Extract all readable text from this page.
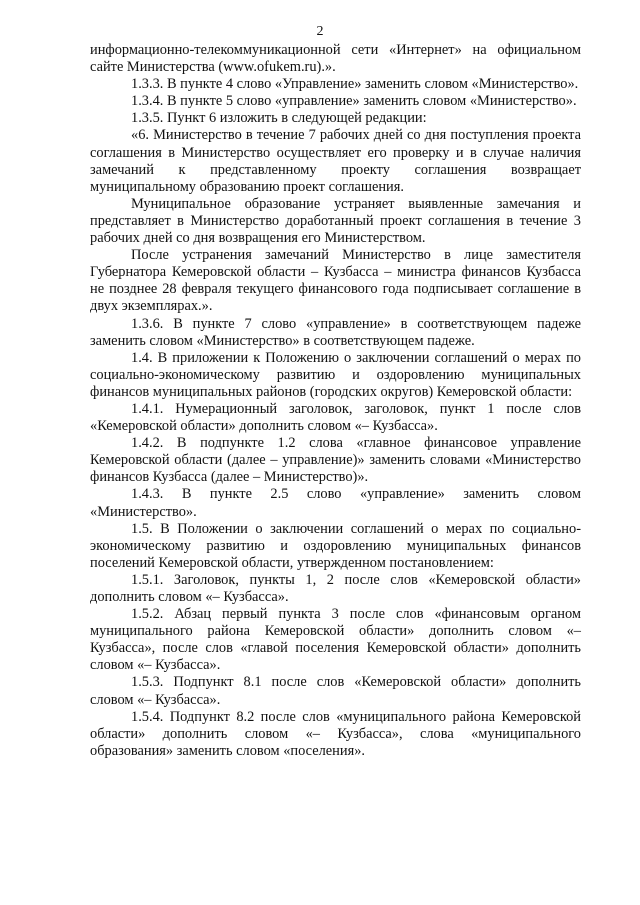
2

информационно-телекоммуникационной сети «Интернет» на официальном сайте Министерства (www.ofukem.ru).».

1.3.3. В пункте 4 слово «Управление» заменить словом «Министерство».

1.3.4. В пункте 5 слово «управление» заменить словом «Министерство».

1.3.5. Пункт 6 изложить в следующей редакции:

«6. Министерство в течение 7 рабочих дней со дня поступления проекта соглашения в Министерство осуществляет его проверку и в случае наличия замечаний к представленному проекту соглашения возвращает муниципальному образованию проект соглашения.

Муниципальное образование устраняет выявленные замечания и представляет в Министерство доработанный проект соглашения в течение 3 рабочих дней со дня возвращения его Министерством.

После устранения замечаний Министерство в лице заместителя Губернатора Кемеровской области – Кузбасса – министра финансов Кузбасса не позднее 28 февраля текущего финансового года подписывает соглашение в двух экземплярах.».

1.3.6. В пункте 7 слово «управление» в соответствующем падеже заменить словом «Министерство» в соответствующем падеже.

1.4. В приложении к Положению о заключении соглашений о мерах по социально-экономическому развитию и оздоровлению муниципальных финансов муниципальных районов (городских округов) Кемеровской области:

1.4.1. Нумерационный заголовок, заголовок, пункт 1 после слов «Кемеровской области» дополнить словом «– Кузбасса».

1.4.2. В подпункте 1.2 слова «главное финансовое управление Кемеровской области (далее – управление)» заменить словами «Министерство финансов Кузбасса (далее – Министерство)».

1.4.3. В пункте 2.5 слово «управление» заменить словом «Министерство».

1.5. В Положении о заключении соглашений о мерах по социально-экономическому развитию и оздоровлению муниципальных финансов поселений Кемеровской области, утвержденном постановлением:

1.5.1. Заголовок, пункты 1, 2 после слов «Кемеровской области» дополнить словом «– Кузбасса».

1.5.2. Абзац первый пункта 3 после слов «финансовым органом муниципального района Кемеровской области» дополнить словом «– Кузбасса», после слов «главой поселения Кемеровской области» дополнить словом «– Кузбасса».

1.5.3. Подпункт 8.1 после слов «Кемеровской области» дополнить словом «– Кузбасса».

1.5.4. Подпункт 8.2 после слов «муниципального района Кемеровской области» дополнить словом «– Кузбасса», слова «муниципального образования» заменить словом «поселения».
